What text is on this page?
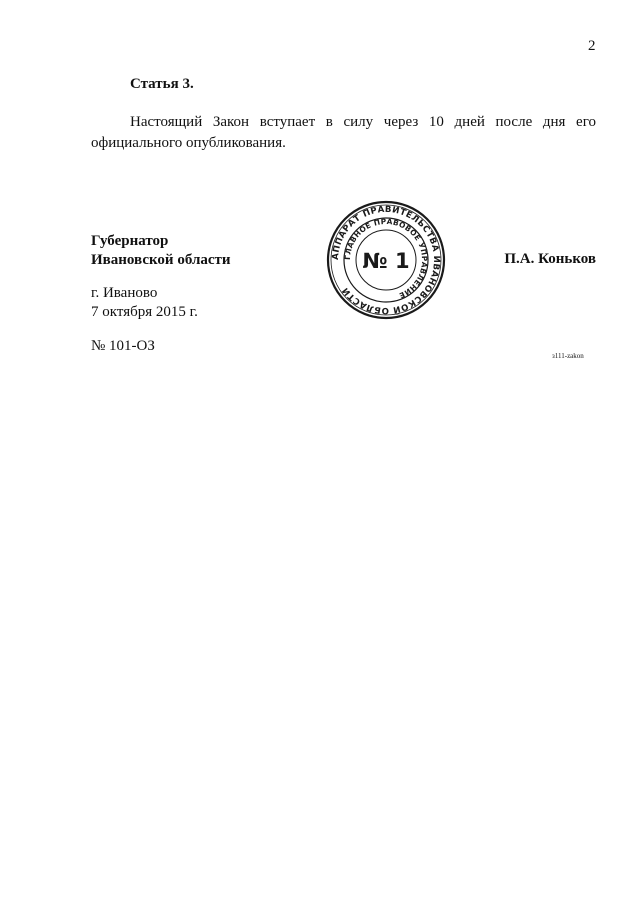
2
Статья 3.
Настоящий Закон вступает в силу через 10 дней после дня его официального опубликования.
Губернатор
Ивановской области	АППАРАТ ПРАВИТЕЛЬСТВА ИВАНОВСКОЙ ОБЛАСТИ
ГЛАВНОЕ ПРАВОВОЕ УПРАВЛЕНИЕ
№ 1	П.А. Коньков
г. Иваново
7 октября 2015 г.
№ 101-ОЗ
з111-zakon
